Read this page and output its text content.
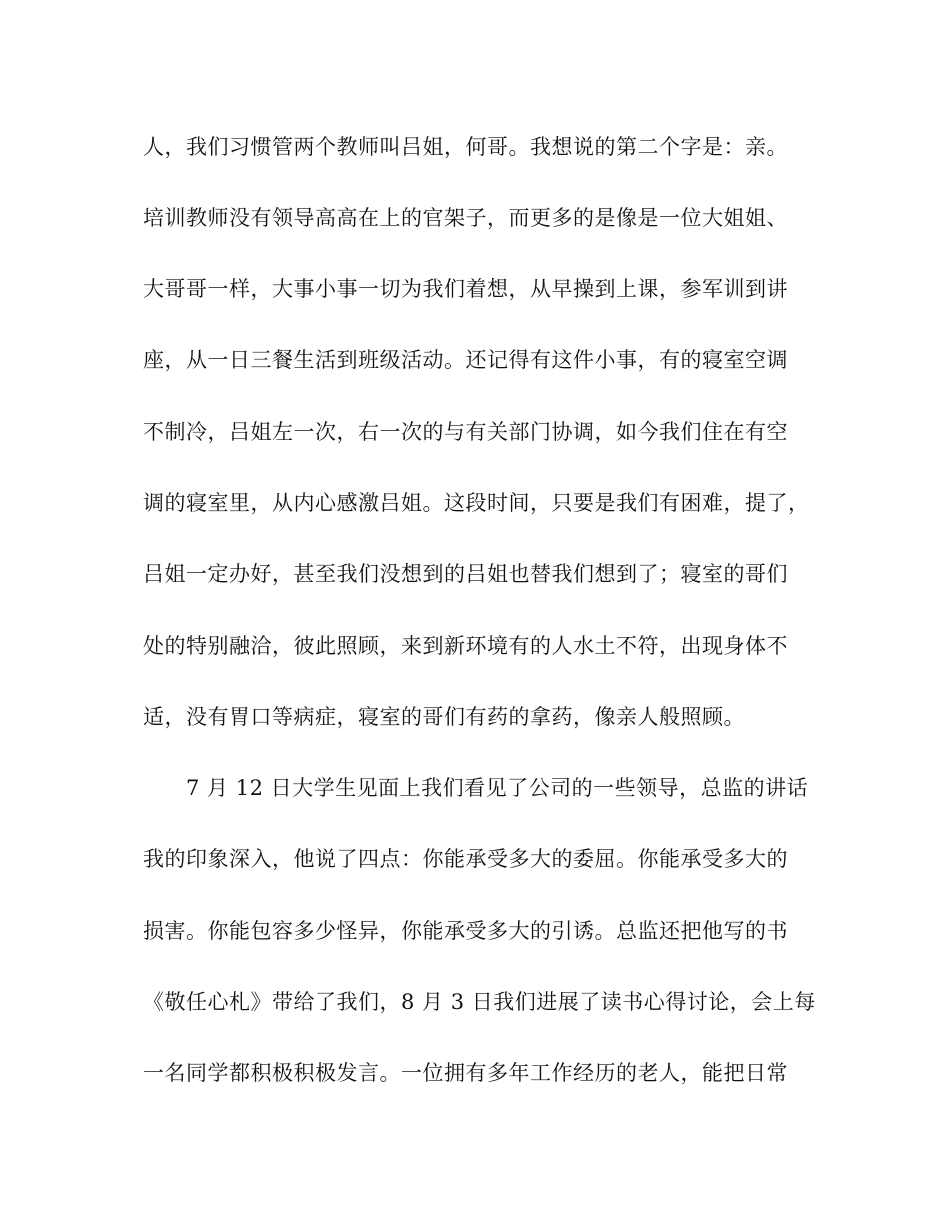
人，我们习惯管两个教师叫吕姐，何哥。我想说的第二个字是：亲。
培训教师没有领导高高在上的官架子，而更多的是像是一位大姐姐、
大哥哥一样，大事小事一切为我们着想，从早操到上课，参军训到讲
座，从一日三餐生活到班级活动。还记得有这件小事，有的寝室空调
不制冷，吕姐左一次，右一次的与有关部门协调，如今我们住在有空
调的寝室里，从内心感激吕姐。这段时间，只要是我们有困难，提了，
吕姐一定办好，甚至我们没想到的吕姐也替我们想到了；寝室的哥们
处的特别融洽，彼此照顾，来到新环境有的人水土不符，出现身体不
适，没有胃口等病症，寝室的哥们有药的拿药，像亲人般照顾。
7 月 12 日大学生见面上我们看见了公司的一些领导，总监的讲话
我的印象深入，他说了四点：你能承受多大的委屈。你能承受多大的
损害。你能包容多少怪异，你能承受多大的引诱。总监还把他写的书
《敬任心札》带给了我们，8 月 3 日我们进展了读书心得讨论，会上每
一名同学都积极积极发言。一位拥有多年工作经历的老人，能把日常
